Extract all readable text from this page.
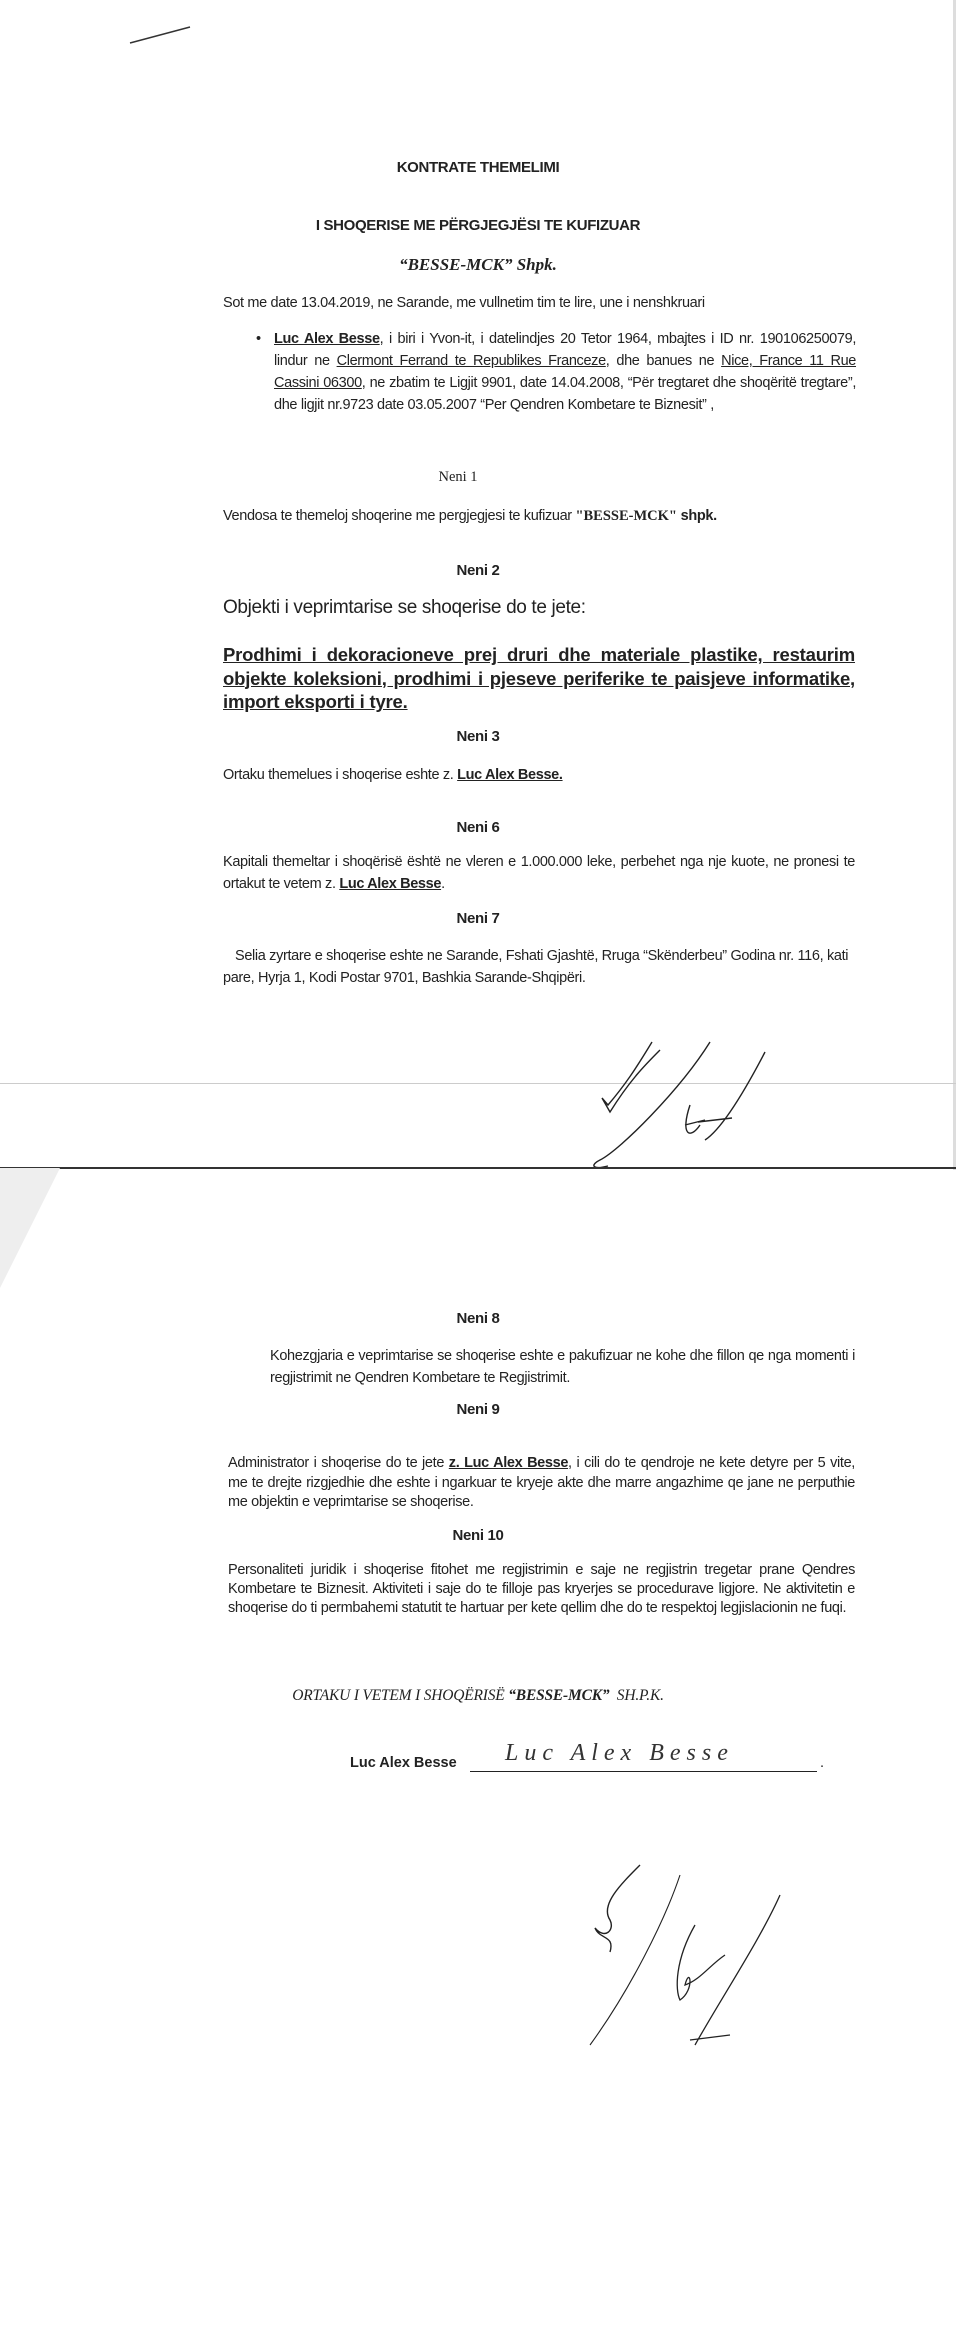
KONTRATE THEMELIMI
I SHOQERISE ME PËRGJEGJËSI TE KUFIZUAR
“BESSE-MCK” Shpk.
Sot me date 13.04.2019, ne Sarande, me vullnetim tim te lire, une i nenshkruari
• Luc Alex Besse, i biri i Yvon-it, i datelindjes 20 Tetor 1964, mbajtes i ID nr. 190106250079, lindur ne Clermont Ferrand te Republikes Franceze, dhe banues ne Nice, France 11 Rue Cassini 06300, ne zbatim te Ligjit 9901, date 14.04.2008, “Për tregtaret dhe shoqëritë tregtare”, dhe ligjit nr.9723 date 03.05.2007 “Per Qendren Kombetare te Biznesit” ,
Neni 1
Vendosa te themeloj shoqerine me pergjegjesi te kufizuar "BESSE-MCK" shpk.
Neni 2
Objekti i veprimtarise se shoqerise do te jete:
Prodhimi i dekoracioneve prej druri dhe materiale plastike, restaurim objekte koleksioni, prodhimi i pjeseve periferike te paisjeve informatike, import eksporti i tyre.
Neni 3
Ortaku themelues i shoqerise eshte z. Luc Alex Besse.
Neni 6
Kapitali themeltar i shoqërisë është ne vleren e 1.000.000 leke, perbehet nga nje kuote, ne pronesi te ortakut te vetem z. Luc Alex Besse.
Neni 7
Selia zyrtare e shoqerise eshte ne Sarande, Fshati Gjashtë, Rruga “Skënderbeu” Godina nr. 116, kati pare, Hyrja 1, Kodi Postar 9701, Bashkia Sarande-Shqipëri.
Neni 8
Kohezgjaria e veprimtarise se shoqerise eshte e pakufizuar ne kohe dhe fillon qe nga momenti i regjistrimit ne Qendren Kombetare te Regjistrimit.
Neni 9
Administrator i shoqerise do te jete z. Luc Alex Besse, i cili do te qendroje ne kete detyre per 5 vite, me te drejte rizgjedhie dhe eshte i ngarkuar te kryeje akte dhe marre angazhime qe jane ne perputhie me objektin e veprimtarise se shoqerise.
Neni 10
Personaliteti juridik i shoqerise fitohet me regjistrimin e saje ne regjistrin tregetar prane Qendres Kombetare te Biznesit. Aktiviteti i saje do te filloje pas kryerjes se procedurave ligjore. Ne aktivitetin e shoqerise do ti permbahemi statutit te hartuar per kete qellim dhe do te respektoj legjislacionin ne fuqi.
ORTAKU I VETEM I SHOQËRISË “BESSE-MCK” SH.P.K.
Luc Alex Besse Luc Alex Besse	.
